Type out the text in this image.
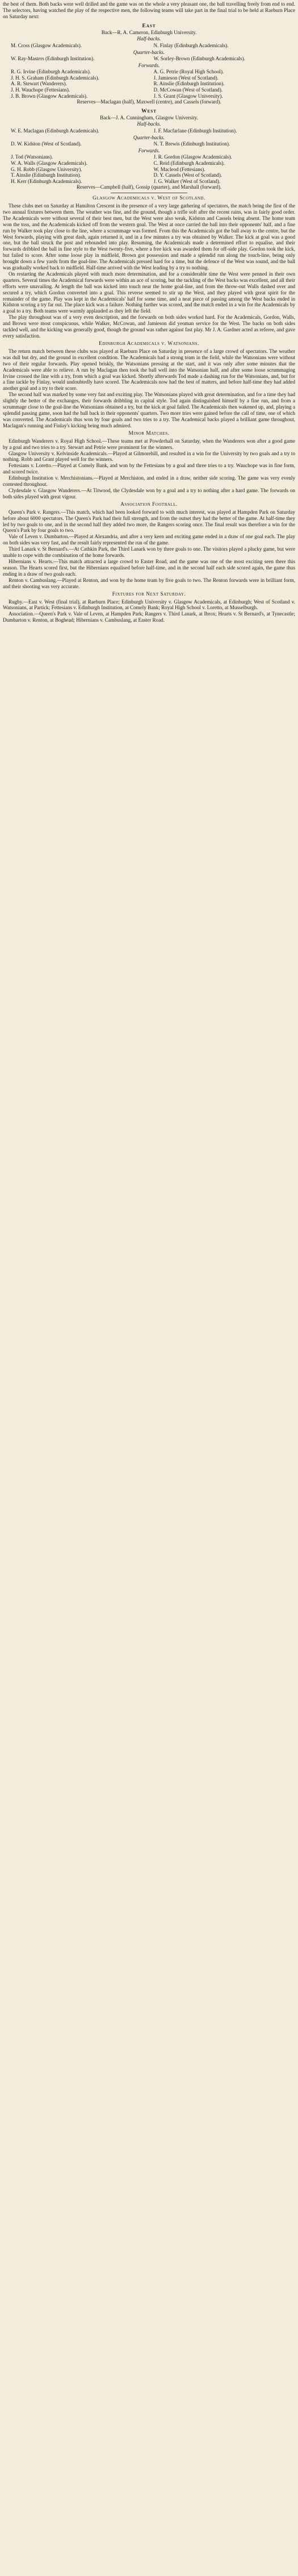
the best of them. Both backs were well drilled and the game was on the whole a very pleasant one, the ball travelling freely from end to end. The selectors, having watched the play of the respective men, the following teams will take part in the final trial to be held at Raeburn Place on Saturday next:

East
Back—R. A. Cameron, Edinburgh University.
Half-backs.
M. Cross (Glasgow Academicals).	N. Finlay (Edinburgh Academicals).
Quarter-backs.
W. Ray-Masters (Edinburgh Institution).	W. Sorley-Brown (Edinburgh Academicals).
Forwards.
R. G. Irvine (Edinburgh Academicals).	A. G. Petrie (Royal High School).
J. H. S. Graham (Edinburgh Academicals).	J. Jamieson (West of Scotland).
A. R. Stewart (Wanderers).	R. Ainslie (Edinburgh Institution).
J. H. Wauchope (Fettesians).	D. McCowan (West of Scotland).
J. B. Brown (Glasgow Academicals).	J. S. Grant (Glasgow University).
Reserves—Maclagan (half), Maxwell (centre), and Cassels (forward).
West
Back—J. A. Cunningham, Glasgow University.
Half-backs.
W. E. Maclagan (Edinburgh Academicals).	J. F. Macfarlane (Edinburgh Institution).
Quarter-backs.
D. W. Kidston (West of Scotland).	N. T. Brewis (Edinburgh Institution).
Forwards.
J. Tod (Watsonians).	J. R. Gordon (Glasgow Academicals).
W. A. Walls (Glasgow Academicals).	C. Reid (Edinburgh Academicals).
G. H. Robb (Glasgow University).	W. Macleod (Fettesians).
T. Ainslie (Edinburgh Institution).	D. Y. Cassels (West of Scotland).
H. Kerr (Edinburgh Academicals).	J. G. Walker (West of Scotland).
Reserves—Campbell (half), Gossip (quarter), and Marshall (forward).
Glasgow Academicals v. West of Scotland.

These clubs met on Saturday at Hamilton Crescent in the presence of a very large gathering of spectators, the match being the first of the two annual fixtures between them. The weather was fine, and the ground, though a trifle soft after the recent rains, was in fairly good order. The Academicals were without several of their best men, but the West were also weak, Kidston and Cassels being absent. The home team won the toss, and the Academicals kicked off from the western goal. The West at once carried the ball into their opponents' half, and a fine run by Walker took play close to the line, where a scrummage was formed. From this the Academicals got the ball away to the centre, but the West forwards, playing with great dash, again returned it, and in a few minutes a try was obtained by Walker. The kick at goal was a good one, but the ball struck the post and rebounded into play. Resuming, the Academicals made a determined effort to equalise, and their forwards dribbled the ball in fine style to the West twenty-five, where a free kick was awarded them for off-side play. Gordon took the kick, but failed to score. After some loose play in midfield, Brown got possession and made a splendid run along the touch-line, being only brought down a few yards from the goal-line. The Academicals pressed hard for a time, but the defence of the West was sound, and the ball was gradually worked back to midfield. Half-time arrived with the West leading by a try to nothing.

On restarting the Academicals played with much more determination, and for a considerable time the West were penned in their own quarters. Several times the Academical forwards were within an ace of scoring, but the tackling of the West backs was excellent, and all their efforts were unavailing. At length the ball was kicked into touch near the home goal-line, and from the throw-out Walls dashed over and secured a try, which Gordon converted into a goal. This reverse seemed to stir up the West, and they played with great spirit for the remainder of the game. Play was kept in the Academicals' half for some time, and a neat piece of passing among the West backs ended in Kidston scoring a try far out. The place kick was a failure. Nothing further was scored, and the match ended in a win for the Academicals by a goal to a try. Both teams were warmly applauded as they left the field.

The play throughout was of a very even description, and the forwards on both sides worked hard. For the Academicals, Gordon, Walls, and Brown were most conspicuous, while Walker, McCowan, and Jamieson did yeoman service for the West. The backs on both sides tackled well, and the kicking was generally good, though the ground was rather against fast play. Mr J. A. Gardner acted as referee, and gave every satisfaction.

Edinburgh Academicals v. Watsonians.

The return match between these clubs was played at Raeburn Place on Saturday in presence of a large crowd of spectators. The weather was dull but dry, and the ground in excellent condition. The Academicals had a strong team in the field, while the Watsonians were without two of their regular forwards. Play opened briskly, the Watsonians pressing at the start, and it was only after some minutes that the Academicals were able to relieve. A run by Maclagan then took the ball well into the Watsonian half, and after some loose scrummaging Irvine crossed the line with a try, from which a goal was kicked. Shortly afterwards Tod made a dashing run for the Watsonians, and, but for a fine tackle by Finlay, would undoubtedly have scored. The Academicals now had the best of matters, and before half-time they had added another goal and a try to their score.

The second half was marked by some very fast and exciting play. The Watsonians played with great determination, and for a time they had slightly the better of the exchanges, their forwards dribbling in capital style. Tod again distinguished himself by a fine run, and from a scrummage close to the goal-line the Watsonians obtained a try, but the kick at goal failed. The Academicals then wakened up, and, playing a splendid passing game, soon had the ball back in their opponents' quarters. Two more tries were gained before the call of time, one of which was converted. The Academicals thus won by four goals and two tries to a try. The Academical backs played a brilliant game throughout, Maclagan's running and Finlay's kicking being much admired.

Minor Matches.

Edinburgh Wanderers v. Royal High School.—These teams met at Powderhall on Saturday, when the Wanderers won after a good game by a goal and two tries to a try. Stewart and Petrie were prominent for the winners.

Glasgow University v. Kelvinside Academicals.—Played at Gilmorehill, and resulted in a win for the University by two goals and a try to nothing. Robb and Grant played well for the winners.

Fettesians v. Loretto.—Played at Comely Bank, and won by the Fettesians by a goal and three tries to a try. Wauchope was in fine form, and scored twice.

Edinburgh Institution v. Merchistonians.—Played at Merchiston, and ended in a draw, neither side scoring. The game was very evenly contested throughout.

Clydesdale v. Glasgow Wanderers.—At Titwood, the Clydesdale won by a goal and a try to nothing after a hard game. The forwards on both sides played with great vigour.

Association Football.

Queen's Park v. Rangers.—This match, which had been looked forward to with much interest, was played at Hampden Park on Saturday before about 6000 spectators. The Queen's Park had their full strength, and from the outset they had the better of the game. At half-time they led by two goals to one, and in the second half they added two more, the Rangers scoring once. The final result was therefore a win for the Queen's Park by four goals to two.

Vale of Leven v. Dumbarton.—Played at Alexandria, and after a very keen and exciting game ended in a draw of one goal each. The play on both sides was very fast, and the result fairly represented the run of the game.

Third Lanark v. St Bernard's.—At Cathkin Park, the Third Lanark won by three goals to one. The visitors played a plucky game, but were unable to cope with the combination of the home forwards.

Hibernians v. Hearts.—This match attracted a large crowd to Easter Road, and the game was one of the most exciting seen there this season. The Hearts scored first, but the Hibernians equalised before half-time, and in the second half each side scored again, the game thus ending in a draw of two goals each.

Renton v. Cambuslang.—Played at Renton, and won by the home team by five goals to two. The Renton forwards were in brilliant form, and their shooting was very accurate.

Fixtures for Next Saturday.

Rugby.—East v. West (final trial), at Raeburn Place; Edinburgh University v. Glasgow Academicals, at Edinburgh; West of Scotland v. Watsonians, at Partick; Fettesians v. Edinburgh Institution, at Comely Bank; Royal High School v. Loretto, at Musselburgh.

Association.—Queen's Park v. Vale of Leven, at Hampden Park; Rangers v. Third Lanark, at Ibrox; Hearts v. St Bernard's, at Tynecastle; Dumbarton v. Renton, at Boghead; Hibernians v. Cambuslang, at Easter Road.
